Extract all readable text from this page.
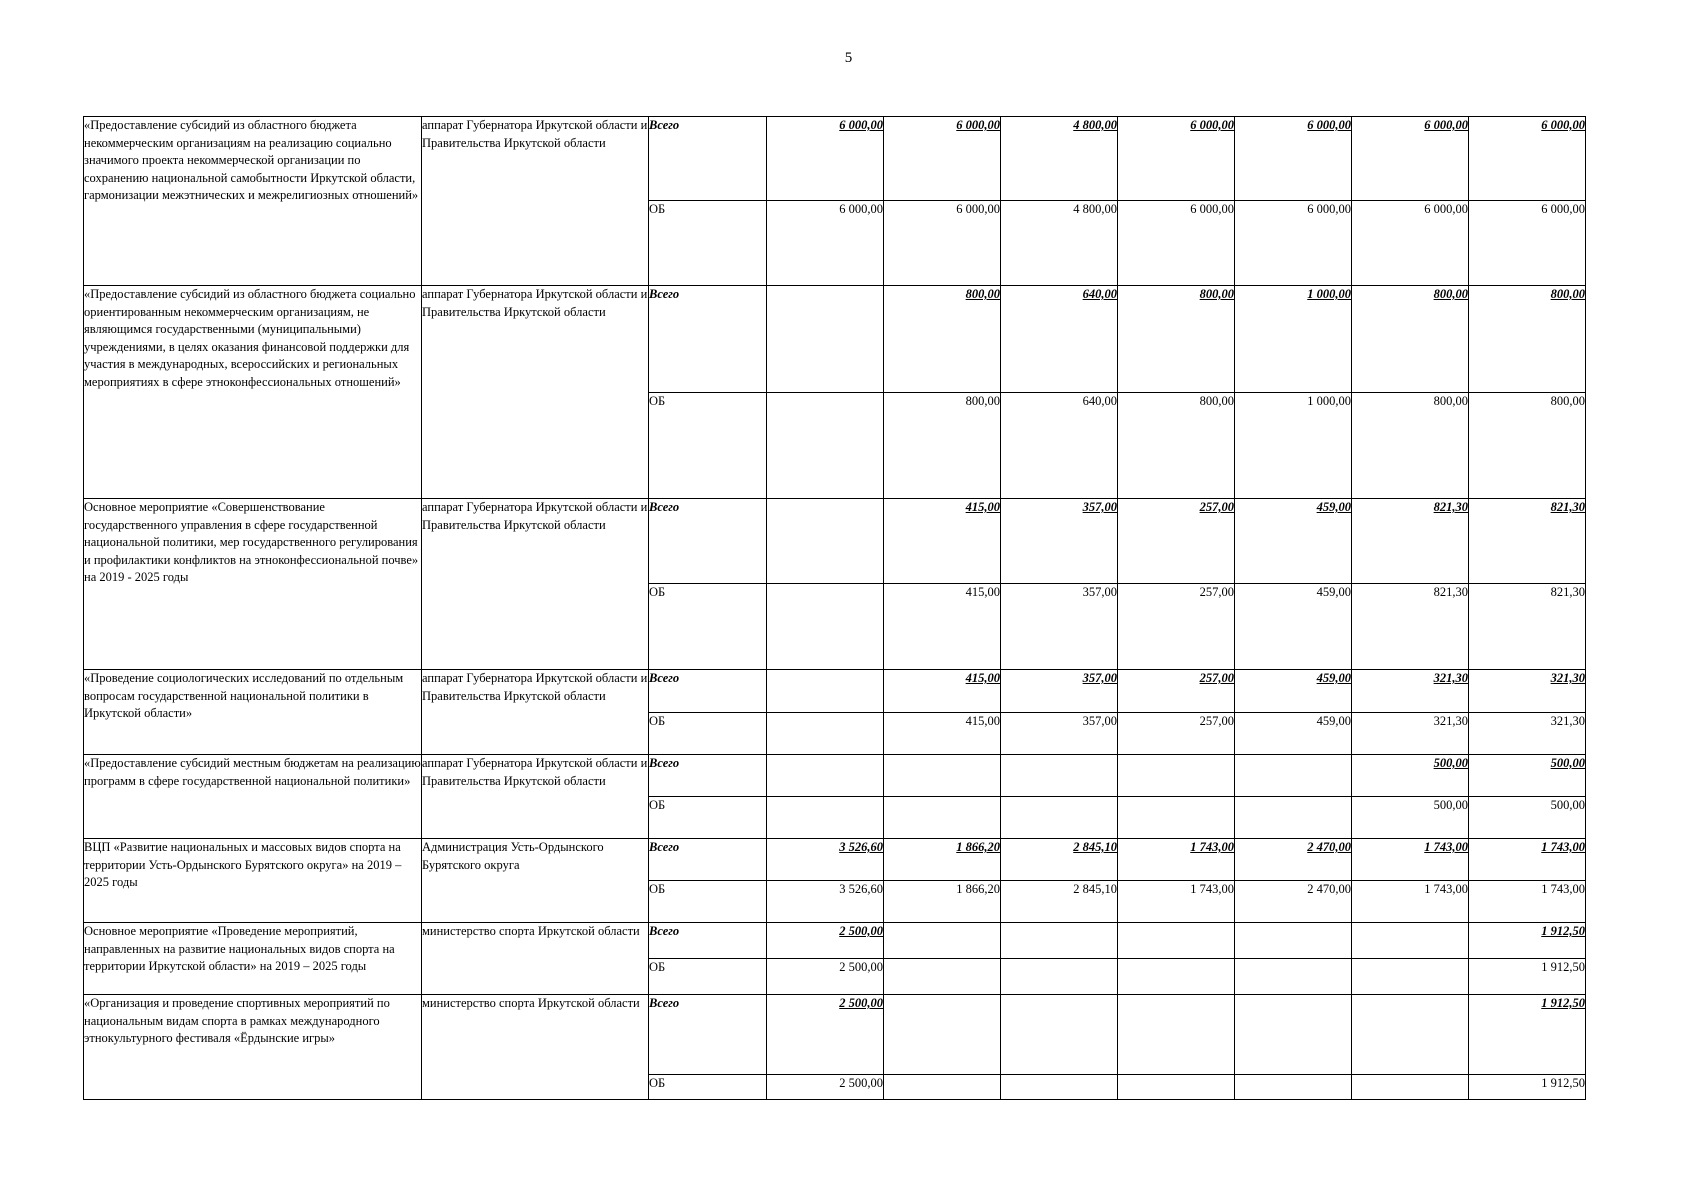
5
«Предоставление субсидий из областного бюджета некоммерческим организациям на реализацию социально значимого проекта некоммерческой организации по сохранению национальной самобытности Иркутской области, гармонизации межэтнических и межрелигиозных отношений»	аппарат Губернатора Иркутской области и Правительства Иркутской области	Всего	6 000,00	6 000,00	4 800,00	6 000,00	6 000,00	6 000,00	6 000,00
		ОБ	6 000,00	6 000,00	4 800,00	6 000,00	6 000,00	6 000,00	6 000,00
«Предоставление субсидий из областного бюджета социально ориентированным некоммерческим организациям, не являющимся государственными (муниципальными) учреждениями, в целях оказания финансовой поддержки для участия в международных, всероссийских и региональных мероприятиях в сфере этноконфессиональных отношений»	аппарат Губернатора Иркутской области и Правительства Иркутской области	Всего		800,00	640,00	800,00	1 000,00	800,00	800,00
		ОБ		800,00	640,00	800,00	1 000,00	800,00	800,00
Основное мероприятие «Совершенствование государственного управления в сфере государственной национальной политики, мер государственного регулирования и профилактики конфликтов на этноконфессиональной почве» на 2019 - 2025 годы	аппарат Губернатора Иркутской области и Правительства Иркутской области	Всего		415,00	357,00	257,00	459,00	821,30	821,30
		ОБ		415,00	357,00	257,00	459,00	821,30	821,30
«Проведение социологических исследований по отдельным вопросам государственной национальной политики в Иркутской области»	аппарат Губернатора Иркутской области и Правительства Иркутской области	Всего		415,00	357,00	257,00	459,00	321,30	321,30
		ОБ		415,00	357,00	257,00	459,00	321,30	321,30
«Предоставление субсидий местным бюджетам на реализацию программ в сфере государственной национальной политики»	аппарат Губернатора Иркутской области и Правительства Иркутской области	Всего						500,00	500,00
		ОБ						500,00	500,00
ВЦП «Развитие национальных и массовых видов спорта на территории Усть-Ордынского Бурятского округа» на 2019 – 2025 годы	Администрация Усть-Ордынского Бурятского округа	Всего	3 526,60	1 866,20	2 845,10	1 743,00	2 470,00	1 743,00	1 743,00
		ОБ	3 526,60	1 866,20	2 845,10	1 743,00	2 470,00	1 743,00	1 743,00
Основное мероприятие «Проведение мероприятий, направленных на развитие национальных видов спорта на территории Иркутской области» на 2019 – 2025 годы	министерство спорта Иркутской области	Всего	2 500,00						1 912,50
		ОБ	2 500,00						1 912,50
«Организация и проведение спортивных мероприятий по национальным видам спорта в рамках международного этнокультурного фестиваля «Ёрдынские игры»	министерство спорта Иркутской области	Всего	2 500,00						1 912,50
		ОБ	2 500,00						1 912,50
